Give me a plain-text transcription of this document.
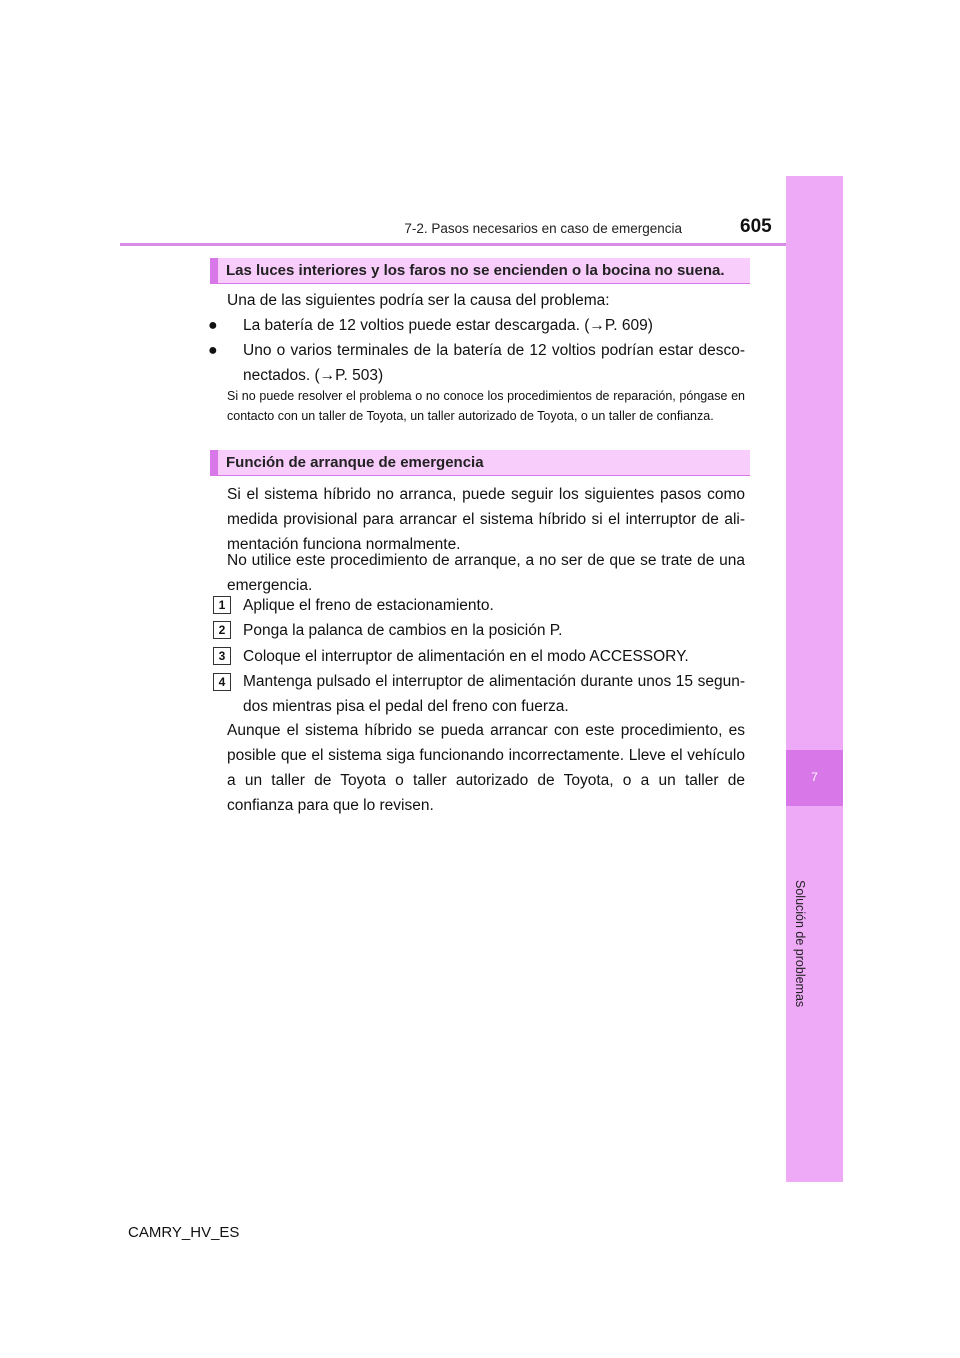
7
Solución de problemas
7-2. Pasos necesarios en caso de emergencia	605
Las luces interiores y los faros no se encienden o la bocina no suena.
Una de las siguientes podría ser la causa del problema:
● La batería de 12 voltios puede estar descargada. (→P. 609)
● Uno o varios terminales de la batería de 12 voltios podrían estar desco-nectados. (→P. 503)
Si no puede resolver el problema o no conoce los procedimientos de reparación, póngase en contacto con un taller de Toyota, un taller autorizado de Toyota, o un taller de confianza.
Función de arranque de emergencia
Si el sistema híbrido no arranca, puede seguir los siguientes pasos como medida provisional para arrancar el sistema híbrido si el interruptor de ali-mentación funciona normalmente.
No utilice este procedimiento de arranque, a no ser de que se trate de una emergencia.
1	Aplique el freno de estacionamiento.
2	Ponga la palanca de cambios en la posición P.
3	Coloque el interruptor de alimentación en el modo ACCESSORY.
4	Mantenga pulsado el interruptor de alimentación durante unos 15 segun-dos mientras pisa el pedal del freno con fuerza.
Aunque el sistema híbrido se pueda arrancar con este procedimiento, es posible que el sistema siga funcionando incorrectamente. Lleve el vehículo a un taller de Toyota o taller autorizado de Toyota, o a un taller de confianza para que lo revisen.
CAMRY_HV_ES
